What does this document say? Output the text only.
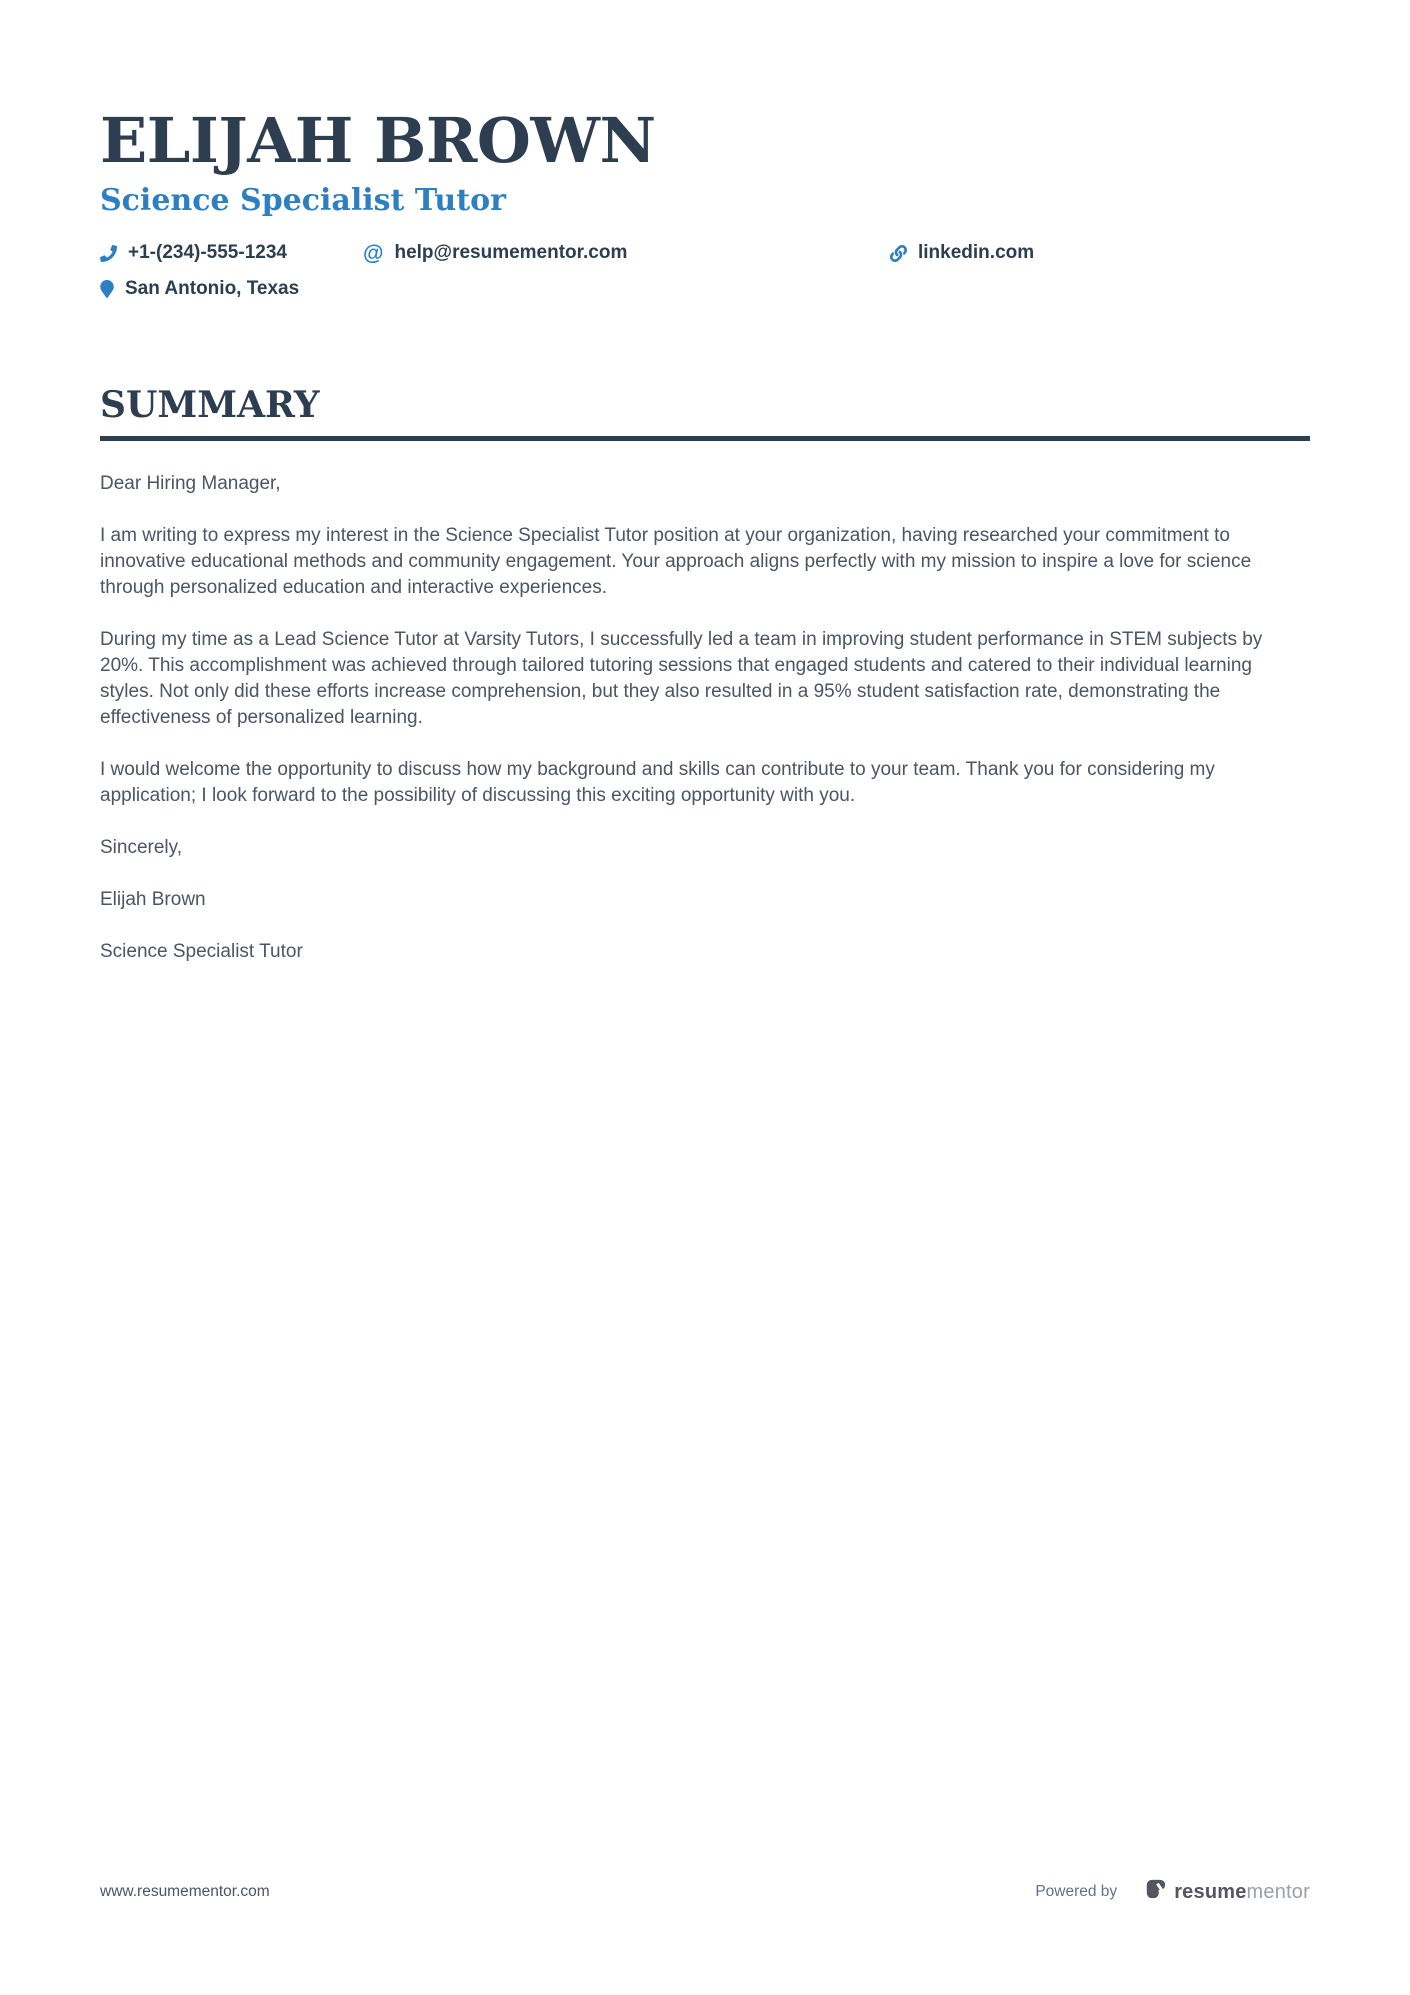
ELIJAH BROWN
Science Specialist Tutor
+1-(234)-555-1234	@ help@resumementor.com	linkedin.com
San Antonio, Texas
SUMMARY

Dear Hiring Manager,

I am writing to express my interest in the Science Specialist Tutor position at your organization, having researched your commitment to innovative educational methods and community engagement. Your approach aligns perfectly with my mission to inspire a love for science through personalized education and interactive experiences.

During my time as a Lead Science Tutor at Varsity Tutors, I successfully led a team in improving student performance in STEM subjects by 20%. This accomplishment was achieved through tailored tutoring sessions that engaged students and catered to their individual learning styles. Not only did these efforts increase comprehension, but they also resulted in a 95% student satisfaction rate, demonstrating the effectiveness of personalized learning.

I would welcome the opportunity to discuss how my background and skills can contribute to your team. Thank you for considering my application; I look forward to the possibility of discussing this exciting opportunity with you.

Sincerely,

Elijah Brown

Science Specialist Tutor

www.resumementor.com	Powered by	resumementor
